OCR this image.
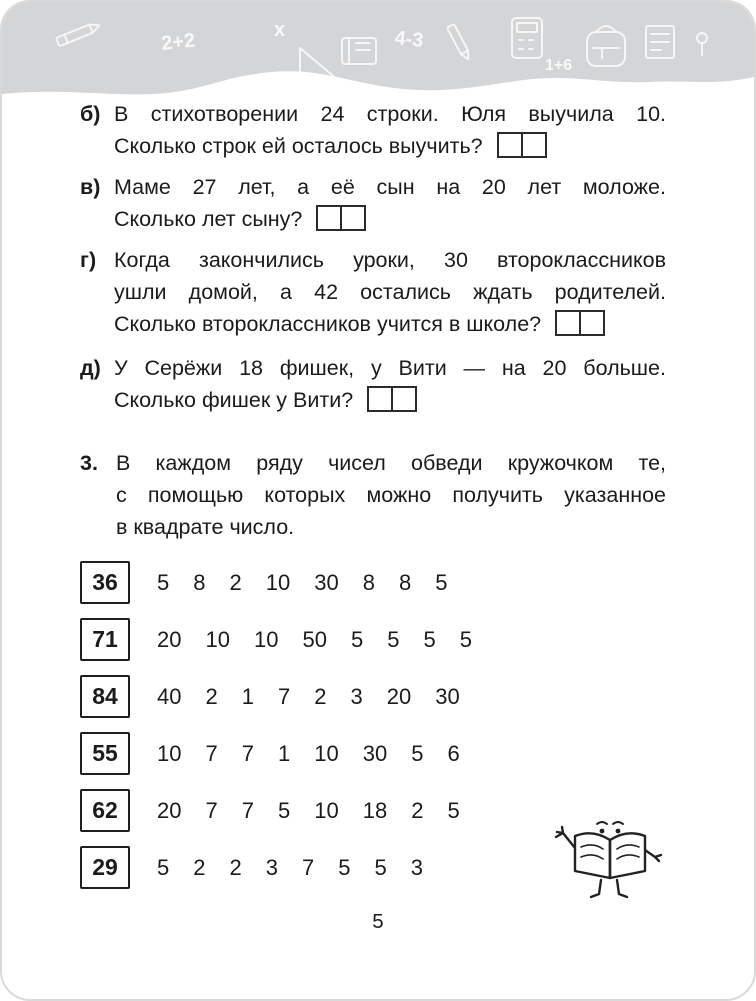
2+2	х	4-3
1+6
б) В стихотворении 24 строки. Юля выучила 10.
Сколько строк ей осталось выучить?
в) Маме 27 лет, а её сын на 20 лет моложе.
Сколько лет сыну?
г) Когда закончились уроки, 30 второклассников
ушли домой, а 42 остались ждать родителей.
Сколько второклассников учится в школе?
д) У Серёжи 18 фишек, у Вити — на 20 больше.
Сколько фишек у Вити?
3. В каждом ряду чисел обведи кружочком те,
с помощью которых можно получить указанное
в квадрате число.
36	5 8 2 10 30 8 8 5
71	20 10 10 50 5 5 5 5
84	40 2 1 7 2 3 20 30
55	10 7 7 1 10 30 5 6
62	20 7 7 5 10 18 2 5
29	5 2 2 3 7 5 5 3
5
